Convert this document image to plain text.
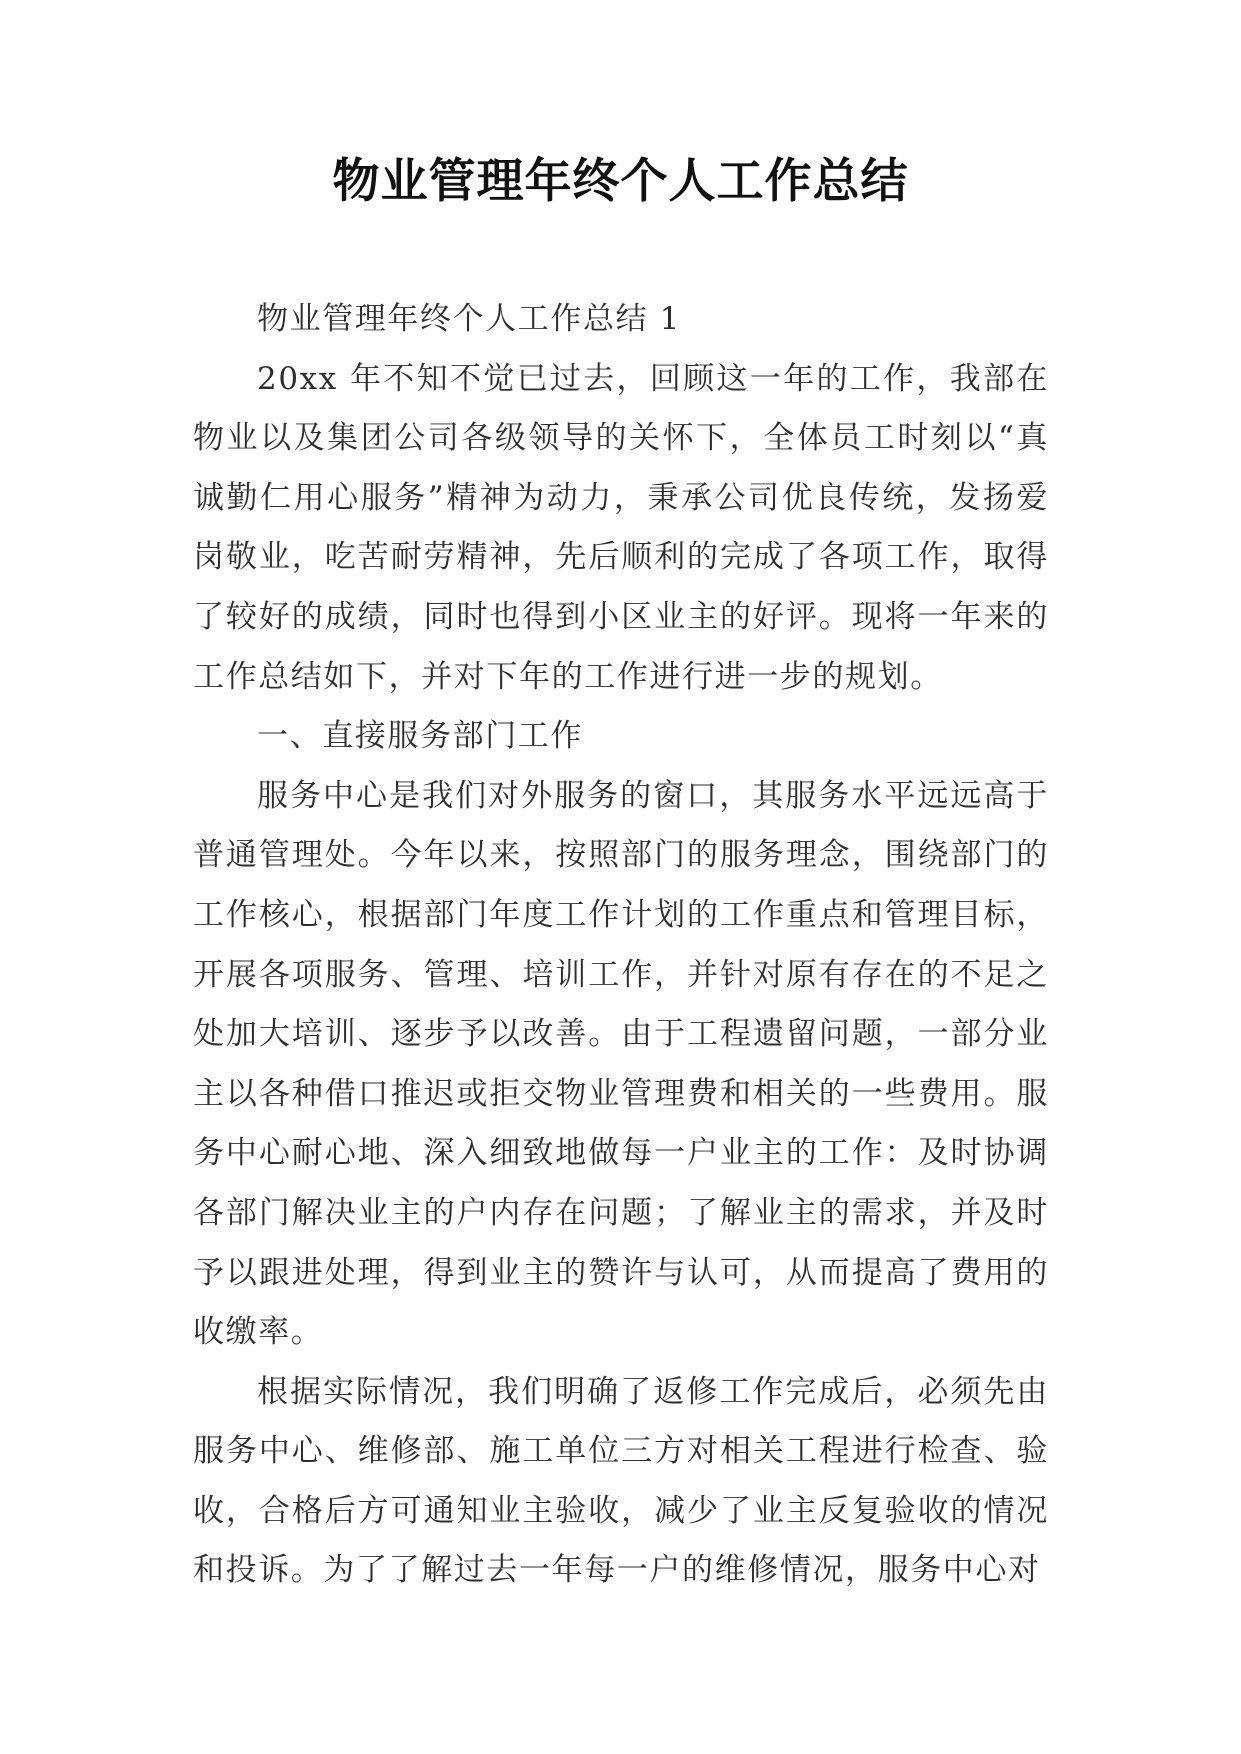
物业管理年终个人工作总结

物业管理年终个人工作总结 1

20xx 年不知不觉已过去，回顾这一年的工作，我部在物业以及集团公司各级领导的关怀下，全体员工时刻以“真诚勤仁用心服务”精神为动力，秉承公司优良传统，发扬爱岗敬业，吃苦耐劳精神，先后顺利的完成了各项工作，取得了较好的成绩，同时也得到小区业主的好评。现将一年来的工作总结如下，并对下年的工作进行进一步的规划。

一、直接服务部门工作

服务中心是我们对外服务的窗口，其服务水平远远高于普通管理处。今年以来，按照部门的服务理念，围绕部门的工作核心，根据部门年度工作计划的工作重点和管理目标，开展各项服务、管理、培训工作，并针对原有存在的不足之处加大培训、逐步予以改善。由于工程遗留问题，一部分业主以各种借口推迟或拒交物业管理费和相关的一些费用。服务中心耐心地、深入细致地做每一户业主的工作：及时协调各部门解决业主的户内存在问题；了解业主的需求，并及时予以跟进处理，得到业主的赞许与认可，从而提高了费用的收缴率。

根据实际情况，我们明确了返修工作完成后，必须先由服务中心、维修部、施工单位三方对相关工程进行检查、验收，合格后方可通知业主验收，减少了业主反复验收的情况和投诉。为了了解过去一年每一户的维修情况，服务中心对
